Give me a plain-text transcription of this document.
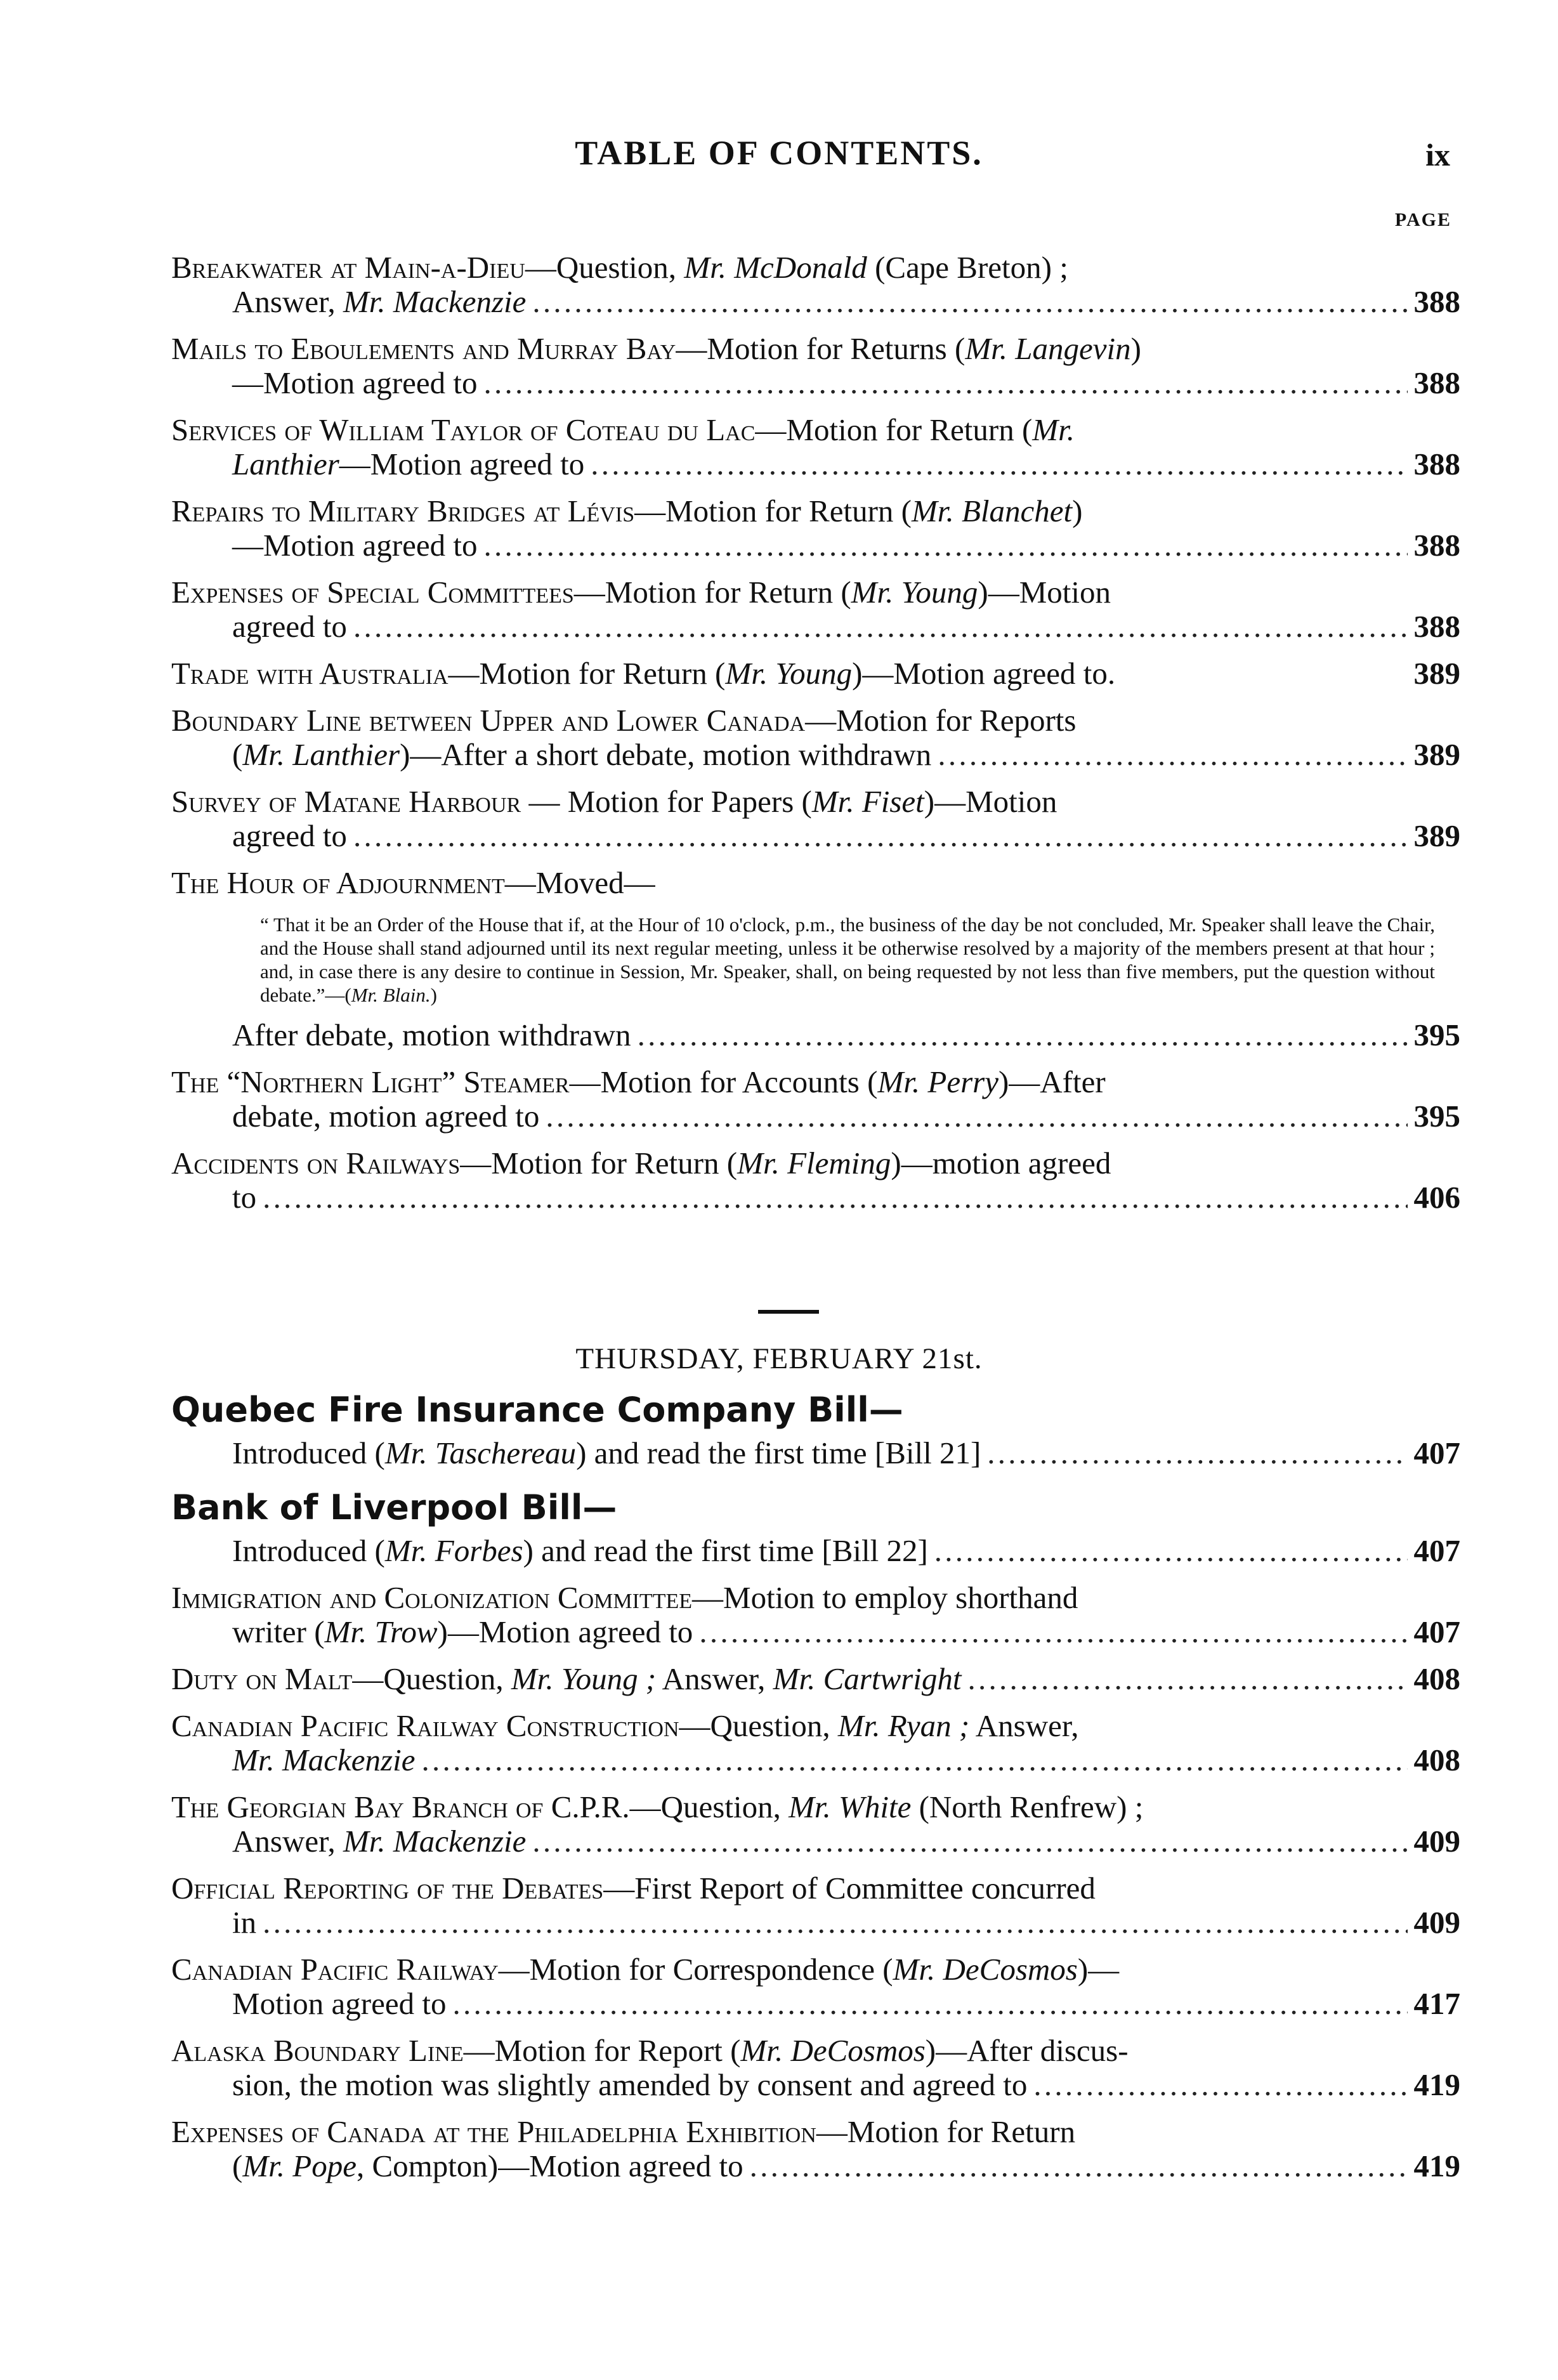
TABLE OF CONTENTS.	ix
PAGE
Breakwater at Main-a-Dieu—Question, Mr. McDonald (Cape Breton) ;
Answer, Mr. Mackenzie . . .	388
Mails to Eboulements and Murray Bay—Motion for Returns (Mr. Langevin)
—Motion agreed to . . .	388
Services of William Taylor of Coteau du Lac—Motion for Return (Mr.
Lanthier—Motion agreed to . . .	388
Repairs to Military Bridges at Lévis—Motion for Return (Mr. Blanchet)
—Motion agreed to . . .	388
Expenses of Special Committees—Motion for Return (Mr. Young)—Motion
agreed to . . .	388
Trade with Australia—Motion for Return (Mr. Young)—Motion agreed to.	389
Boundary Line between Upper and Lower Canada—Motion for Reports
(Mr. Lanthier)—After a short debate, motion withdrawn . . .	389
Survey of Matane Harbour — Motion for Papers (Mr. Fiset)—Motion
agreed to . . .	389
The Hour of Adjournment—Moved—
“ That it be an Order of the House that if, at the Hour of 10 o'clock, p.m., the business of the day be not concluded, Mr. Speaker shall leave the Chair, and the House shall stand adjourned until its next regular meeting, unless it be otherwise resolved by a majority of the members present at that hour ; and, in case there is any desire to continue in Session, Mr. Speaker, shall, on being requested by not less than five members, put the question without debate.”—(Mr. Blain.)
After debate, motion withdrawn . . .	395
The “Northern Light” Steamer—Motion for Accounts (Mr. Perry)—After
debate, motion agreed to . . .	395
Accidents on Railways—Motion for Return (Mr. Fleming)—motion agreed
to . . .	406
THURSDAY, FEBRUARY 21st.
Quebec Fire Insurance Company Bill—
Introduced (Mr. Taschereau) and read the first time [Bill 21] . . .	407
Bank of Liverpool Bill—
Introduced (Mr. Forbes) and read the first time [Bill 22] . . .	407
Immigration and Colonization Committee—Motion to employ shorthand
writer (Mr. Trow)—Motion agreed to . . .	407
Duty on Malt—Question, Mr. Young ; Answer, Mr. Cartwright . . .	408
Canadian Pacific Railway Construction—Question, Mr. Ryan ; Answer,
Mr. Mackenzie . . .	408
The Georgian Bay Branch of C.P.R.—Question, Mr. White (North Renfrew) ;
Answer, Mr. Mackenzie . . .	409
Official Reporting of the Debates—First Report of Committee concurred
in . . .	409
Canadian Pacific Railway—Motion for Correspondence (Mr. DeCosmos)—
Motion agreed to . . .	417
Alaska Boundary Line—Motion for Report (Mr. DeCosmos)—After discus-
sion, the motion was slightly amended by consent and agreed to . . .	419
Expenses of Canada at the Philadelphia Exhibition—Motion for Return
(Mr. Pope, Compton)—Motion agreed to . . .	419
